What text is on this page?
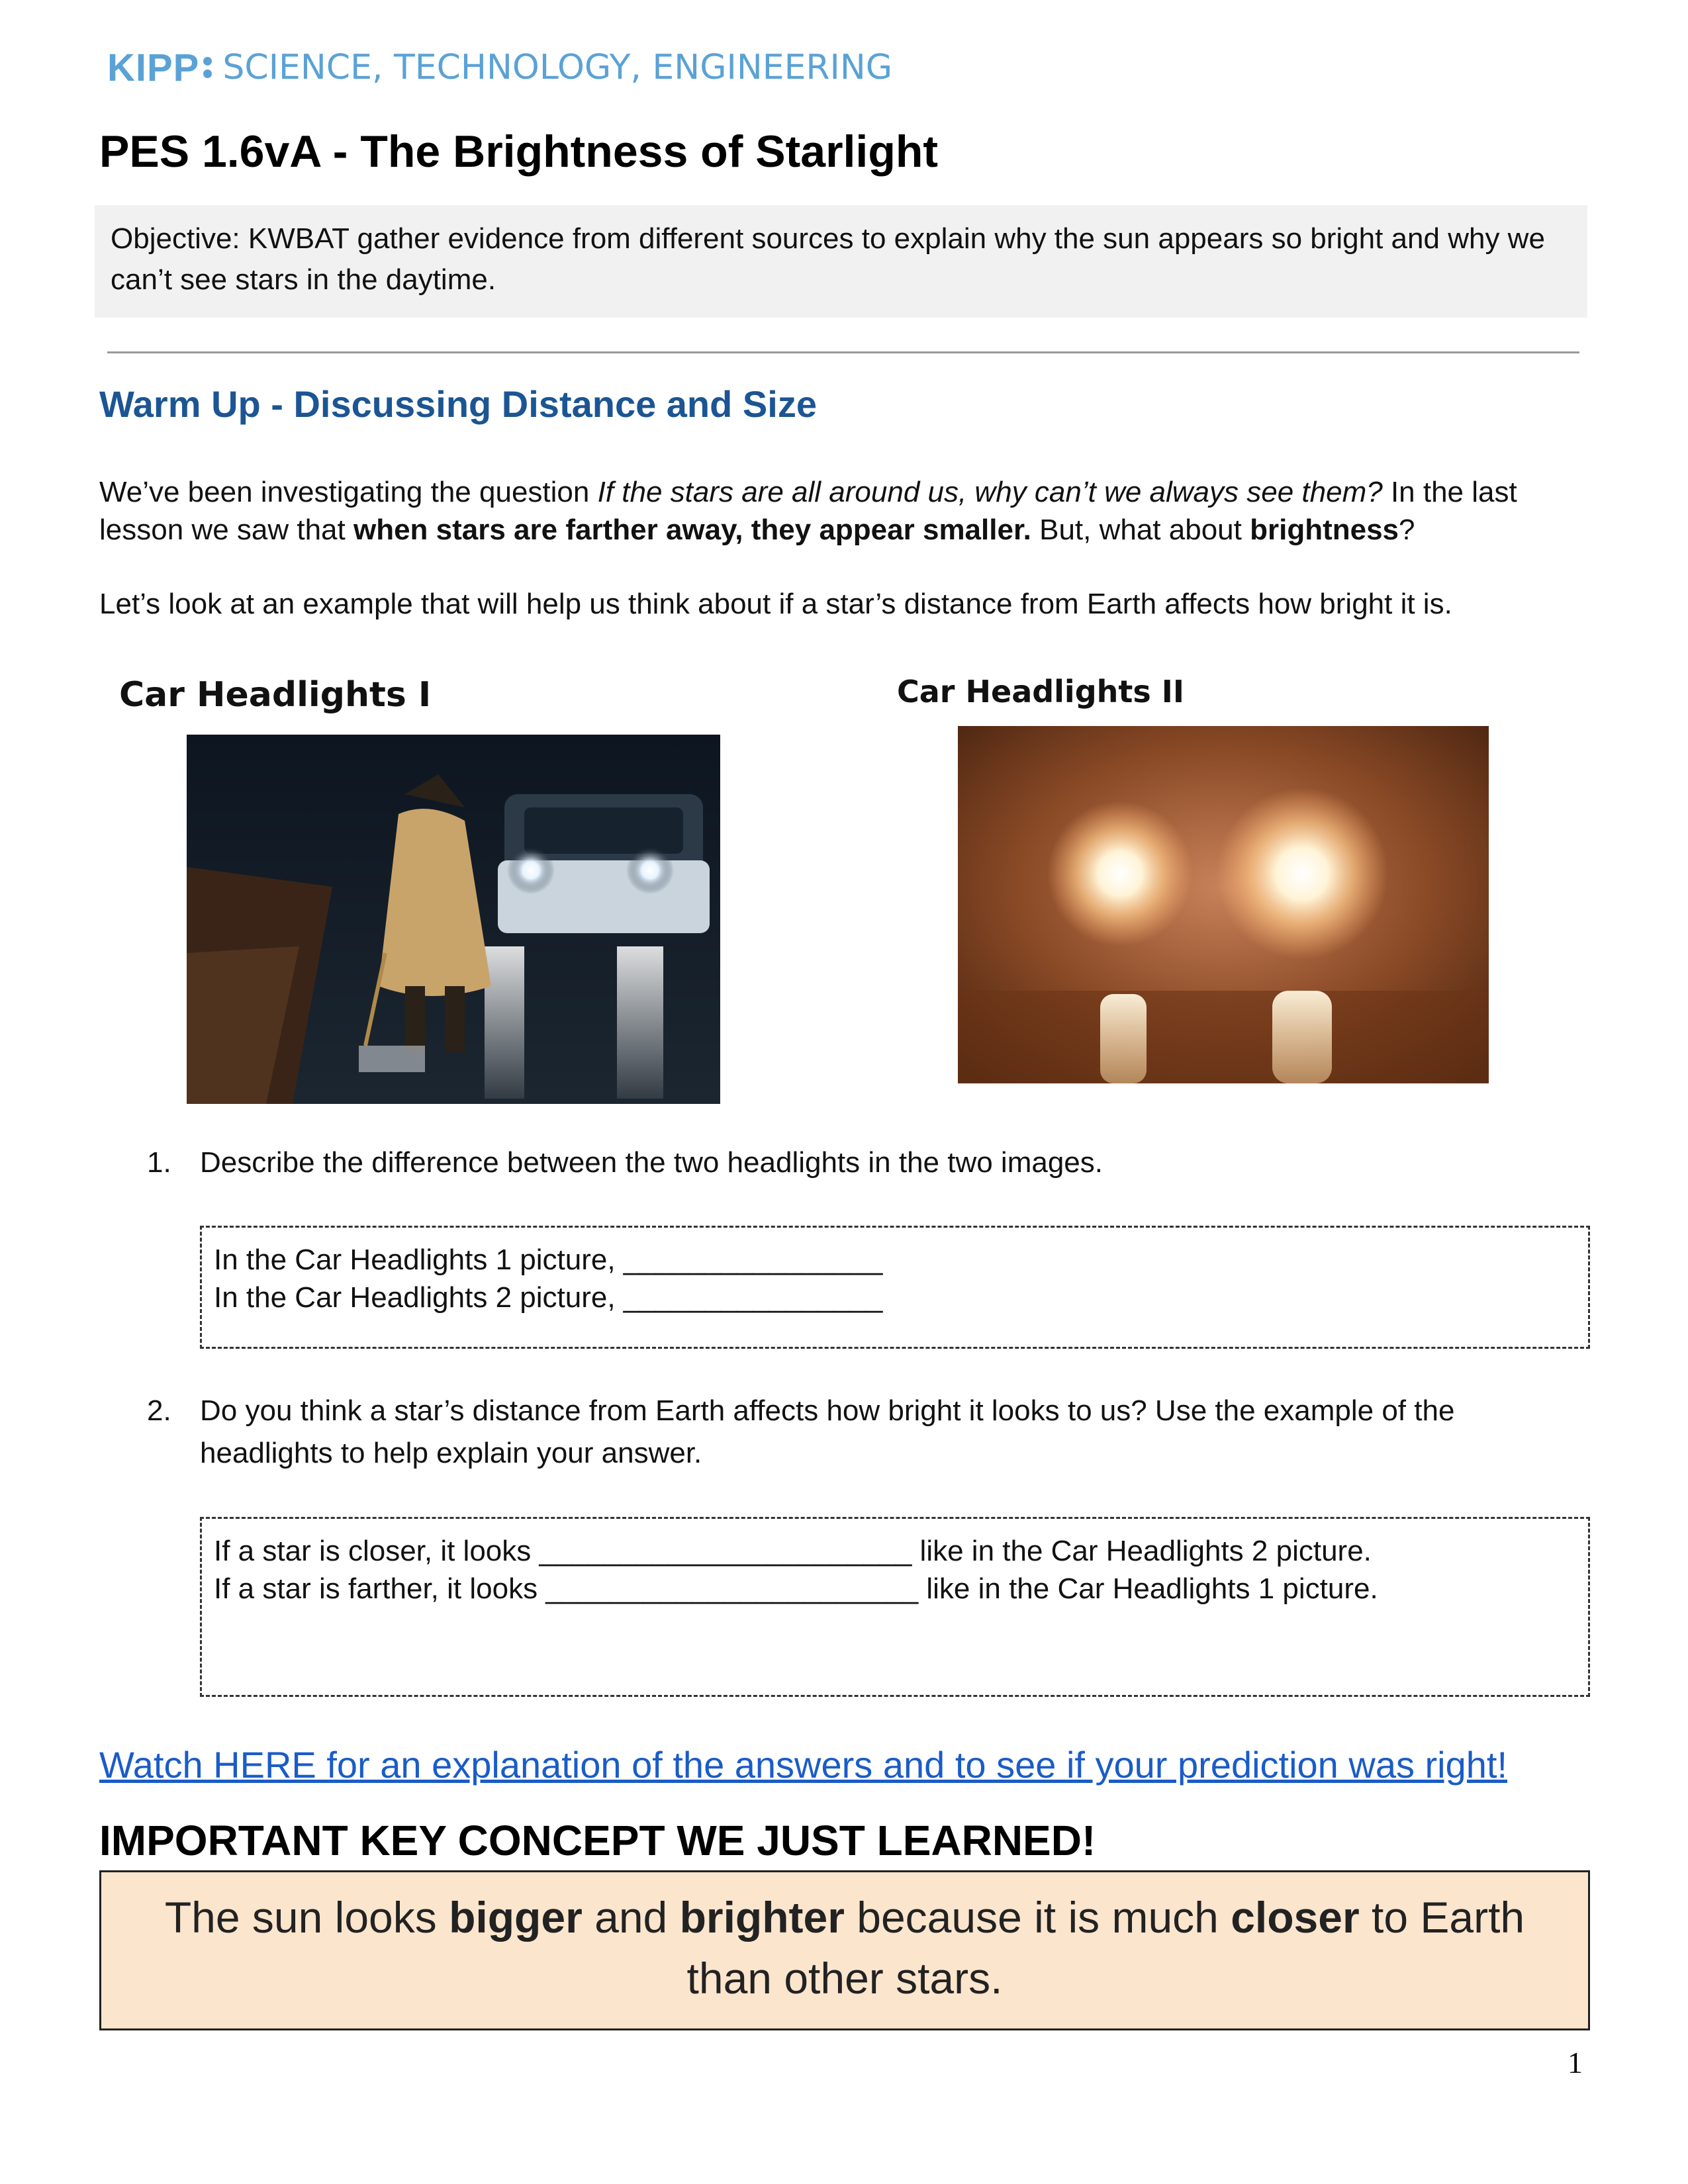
KIPP SCIENCE, TECHNOLOGY, ENGINEERING
PES 1.6vA - The Brightness of Starlight
Objective: KWBAT gather evidence from different sources to explain why the sun appears so bright and why we can’t see stars in the daytime.
Warm Up - Discussing Distance and Size

We’ve been investigating the question If the stars are all around us, why can’t we always see them? In the last lesson we saw that when stars are farther away, they appear smaller. But, what about brightness?

Let’s look at an example that will help us think about if a star’s distance from Earth affects how bright it is.

Car Headlights I	Car Headlights II
1. Describe the difference between the two headlights in the two images.
In the Car Headlights 1 picture, ________________
In the Car Headlights 2 picture, ________________
2. Do you think a star’s distance from Earth affects how bright it looks to us? Use the example of the headlights to help explain your answer.
If a star is closer, it looks _______________________ like in the Car Headlights 2 picture.
If a star is farther, it looks _______________________ like in the Car Headlights 1 picture.
Watch HERE for an explanation of the answers and to see if your prediction was right!
IMPORTANT KEY CONCEPT WE JUST LEARNED!
The sun looks bigger and brighter because it is much closer to Earth than other stars.
1
